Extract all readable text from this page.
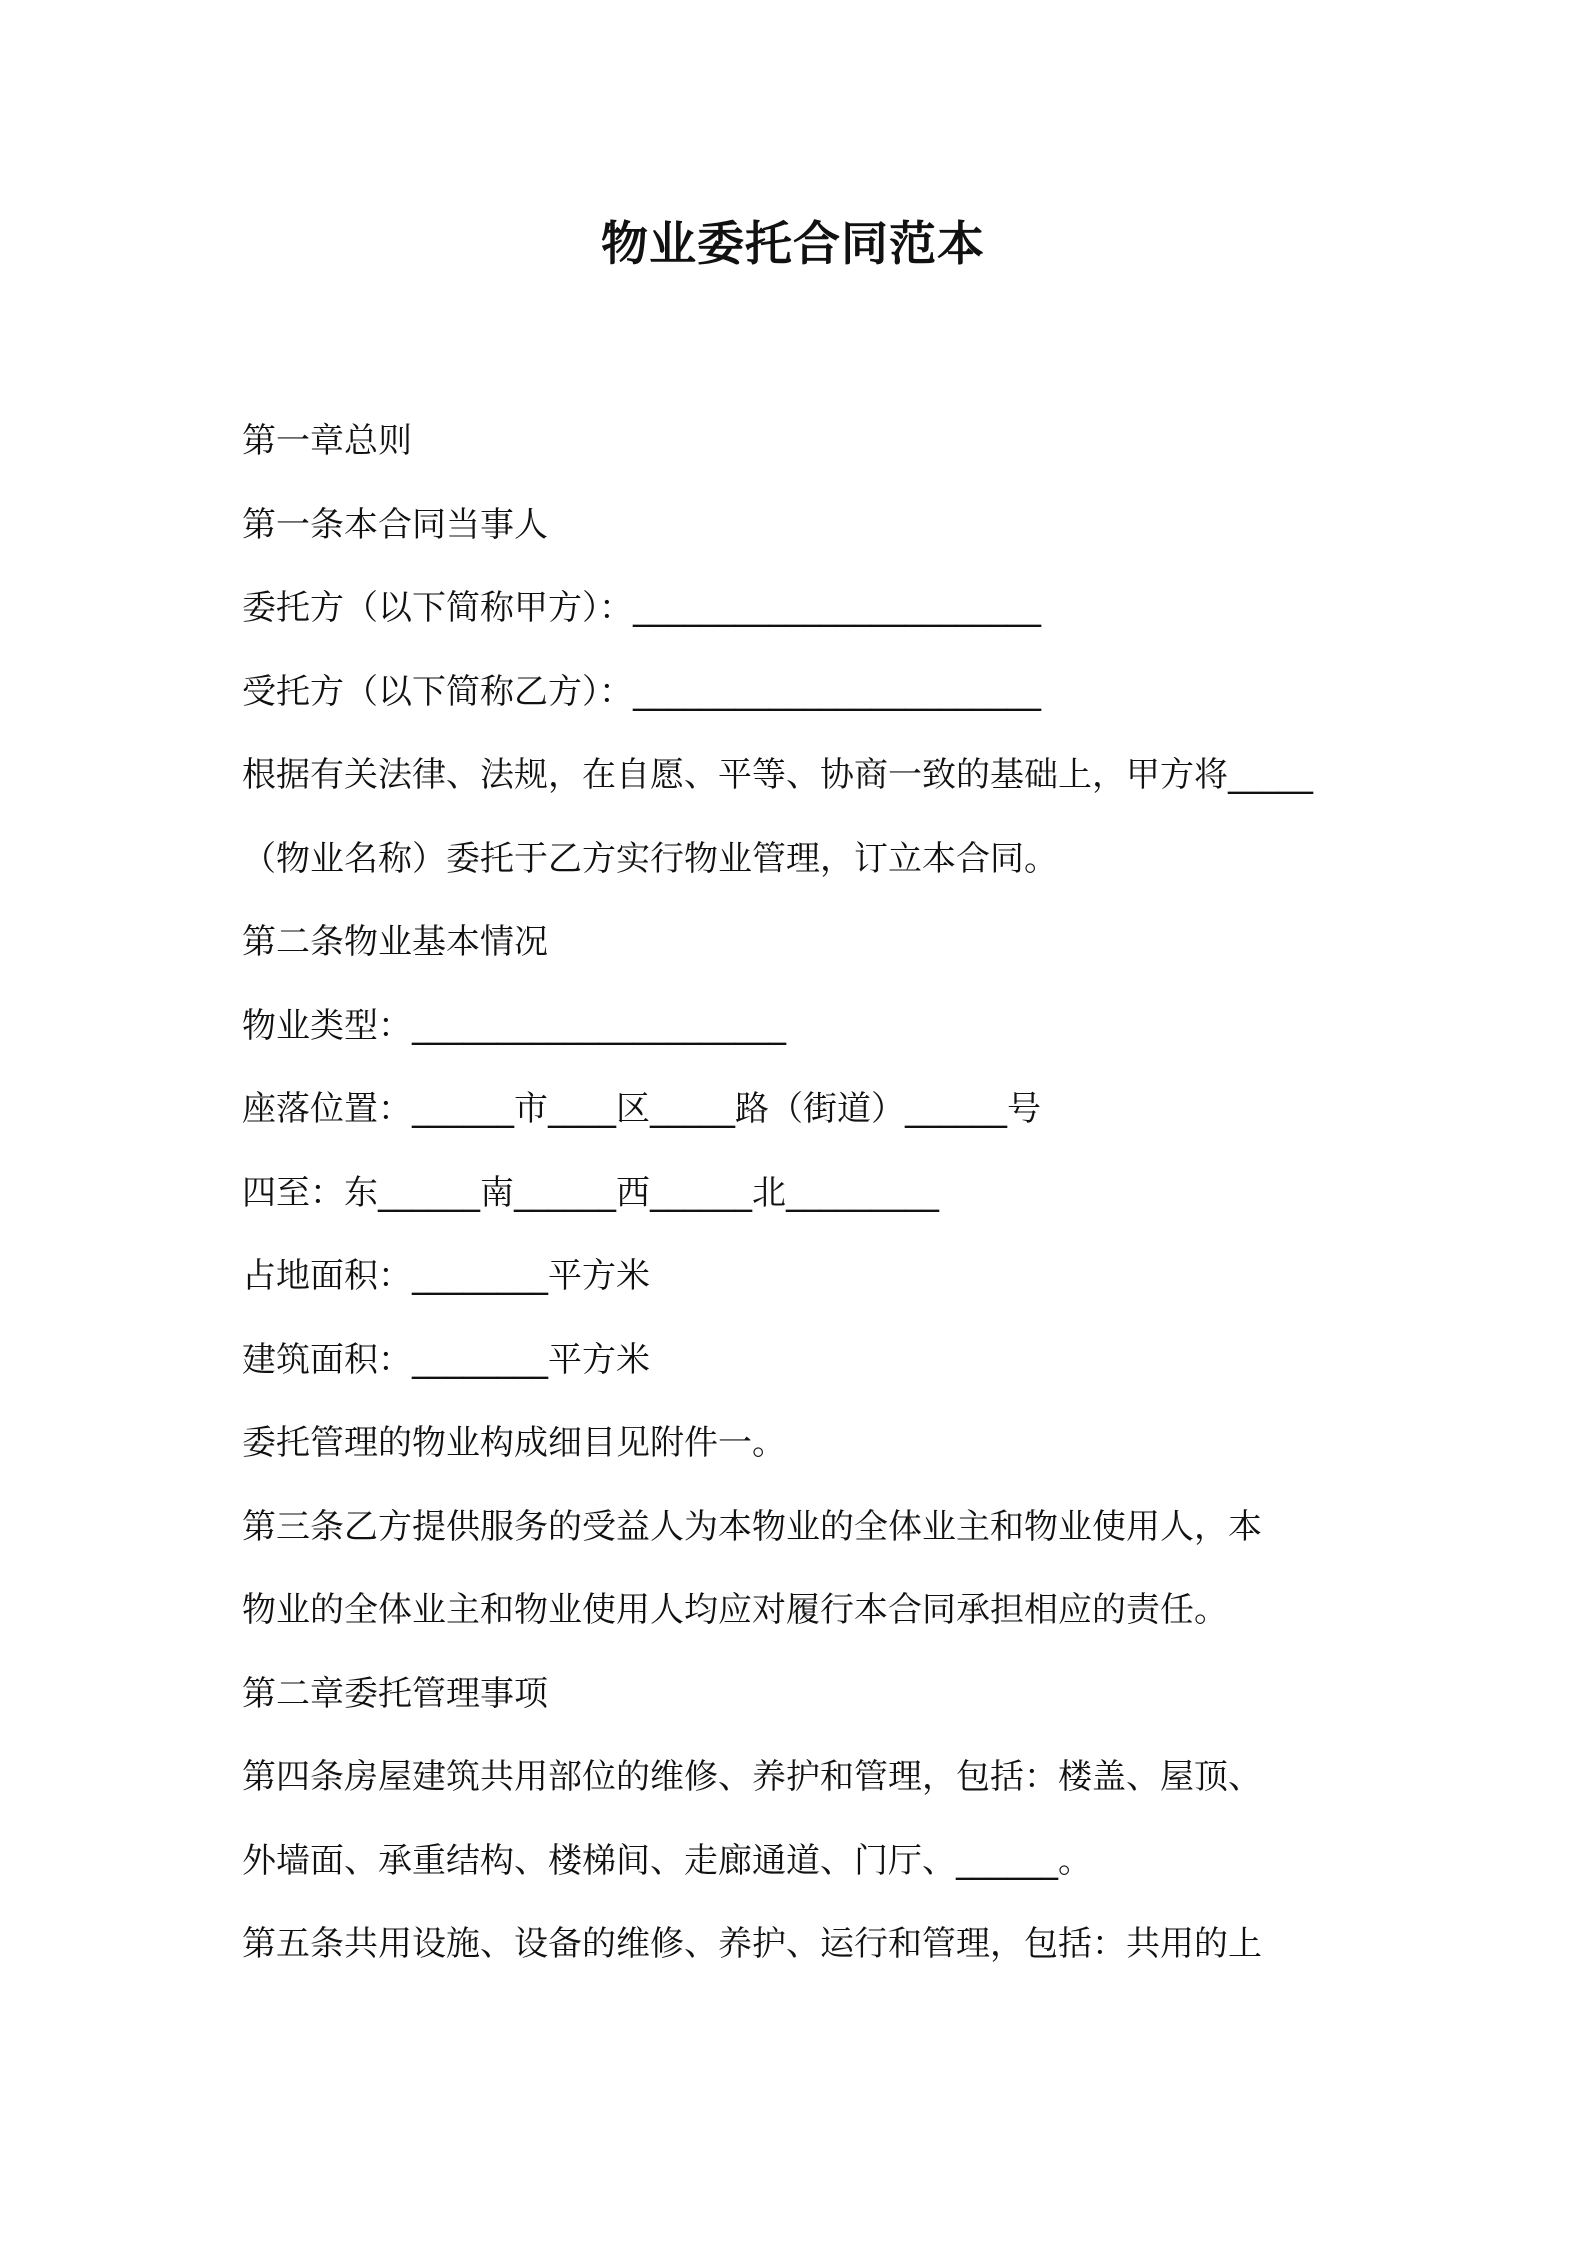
物业委托合同范本
第一章总则
第一条本合同当事人
委托方（以下简称甲方）：________________________
受托方（以下简称乙方）：________________________
根据有关法律、法规，在自愿、平等、协商一致的基础上，甲方将_____
（物业名称）委托于乙方实行物业管理，订立本合同。
第二条物业基本情况
物业类型：______________________
座落位置：______市____区_____路（街道）______号
四至：东______南______西______北_________
占地面积：________平方米
建筑面积：________平方米
委托管理的物业构成细目见附件一。
第三条乙方提供服务的受益人为本物业的全体业主和物业使用人，本
物业的全体业主和物业使用人均应对履行本合同承担相应的责任。
第二章委托管理事项
第四条房屋建筑共用部位的维修、养护和管理，包括：楼盖、屋顶、
外墙面、承重结构、楼梯间、走廊通道、门厅、______。
第五条共用设施、设备的维修、养护、运行和管理，包括：共用的上
